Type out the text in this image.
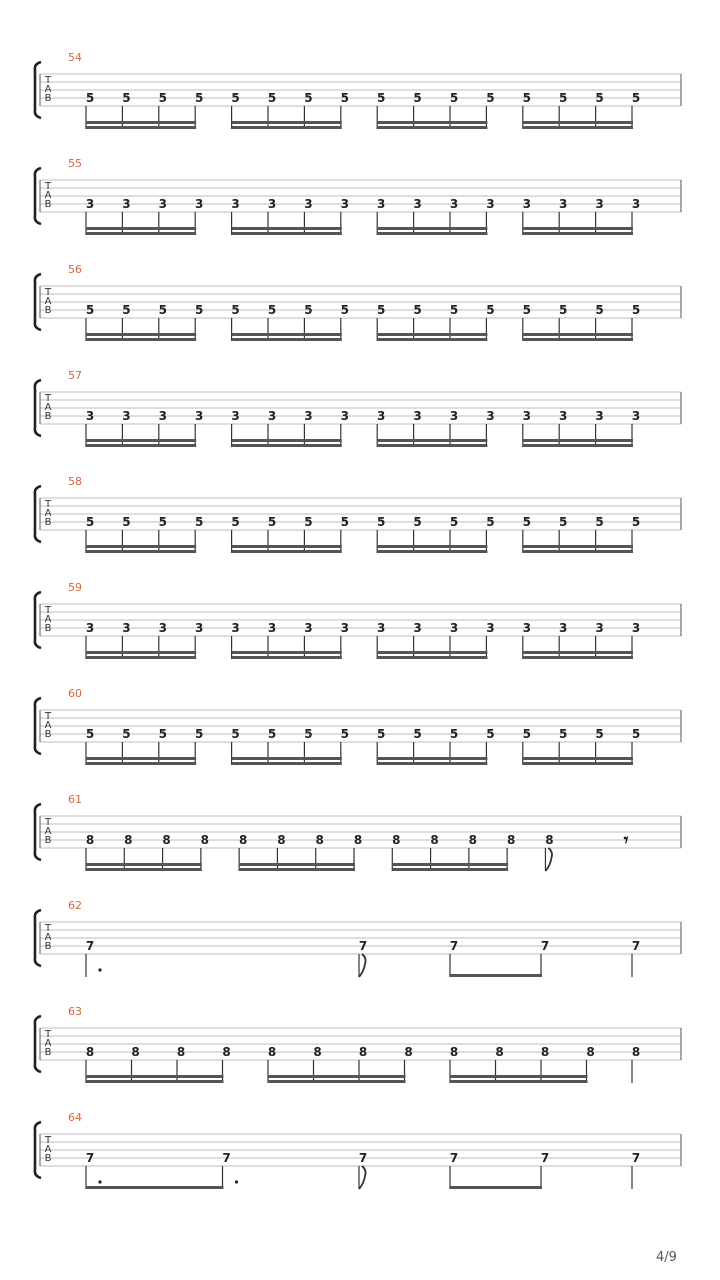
54
T
A
B	5 5 5 5 5 5 5 5 5 5 5 5 5 5 5 5
55
T
A
B	3 3 3 3 3 3 3 3 3 3 3 3 3 3 3 3
56
T
A
B	5 5 5 5 5 5 5 5 5 5 5 5 5 5 5 5
57
T
A
B	3 3 3 3 3 3 3 3 3 3 3 3 3 3 3 3
58
T
A
B	5 5 5 5 5 5 5 5 5 5 5 5 5 5 5 5
59
T
A
B	3 3 3 3 3 3 3 3 3 3 3 3 3 3 3 3
60
T
A
B	5 5 5 5 5 5 5 5 5 5 5 5 5 5 5 5
61
T
A
B	8 8 8 8 8 8 8 8 8 8 8 8 8	𝄾
62
T
A
B	7	7	7	7	7
63
T
A
B	8	8	8	8	8	8	8	8	8	8	8	8	8
64
T
A
B	7	7	7	7	7	7
4/9
